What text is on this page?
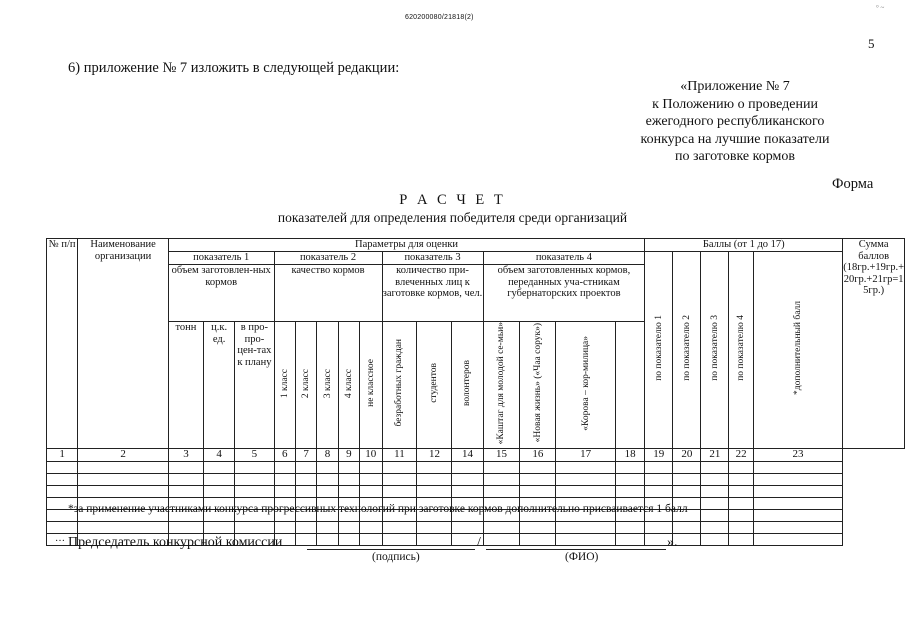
620200080/21818(2)
° ~
5
6) приложение № 7 изложить в следующей редакции:
«Приложение № 7
к Положению о проведении
ежегодного республиканского
конкурса на лучшие показатели
по заготовке кормов
Форма
Р А С Ч Е Т
показателей для определения победителя среди организаций
№ п/п	Наименование организации	Параметры для оценки															Баллы (от 1 до 17)					Сумма баллов (18гр.+19гр.+ 20гр.+21гр=1 5гр.)
		показатель 1			показатель 2					показатель 3			показатель 4				по показателю 1	по показателю 2	по показателю 3	по показателю 4	*дополнительный балл	
		объем заготовлен-ных кормов			качество кормов					количество при-влеченных лиц к заготовке кормов, чел.			объем заготовленных кормов, переданных уча-стникам губернаторских проектов									
		тонн	ц.к. ед.	в про-про-цен-тах к плану	1 класс	2 класс	3 класс	4 класс	не классное	безработных граждан	студентов	волонтеров	«Каштаг для молодой се-мьи»	«Новая жизнь» («Чаа сорук»)	«Корова – кор-милица»							
1	2	3	4	5	6	7	8	9	10	11	12	14	15	16	17	18	19	20	21	22	23	

…																						
*за применение участниками конкурса прогрессивных технологий при заготовке кормов дополнительно присваивается 1 балл
Председатель конкурсной комиссии	/	».
(подпись)	(ФИО)
